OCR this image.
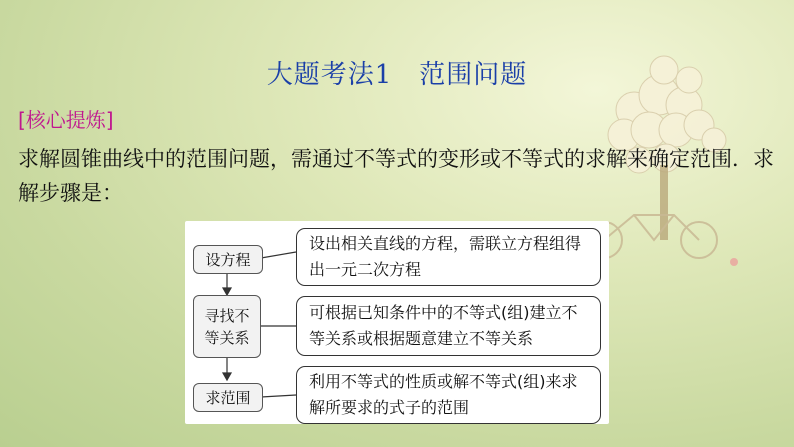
大题考法1　范围问题
[核心提炼]
求解圆锥曲线中的范围问题，需通过不等式的变形或不等式的求解来确定范围．求解步骤是：
设方程
设出相关直线的方程，需联立方程组得出一元二次方程
寻找不等关系
可根据已知条件中的不等式(组)建立不等关系或根据题意建立不等关系
求范围
利用不等式的性质或解不等式(组)来求解所要求的式子的范围
